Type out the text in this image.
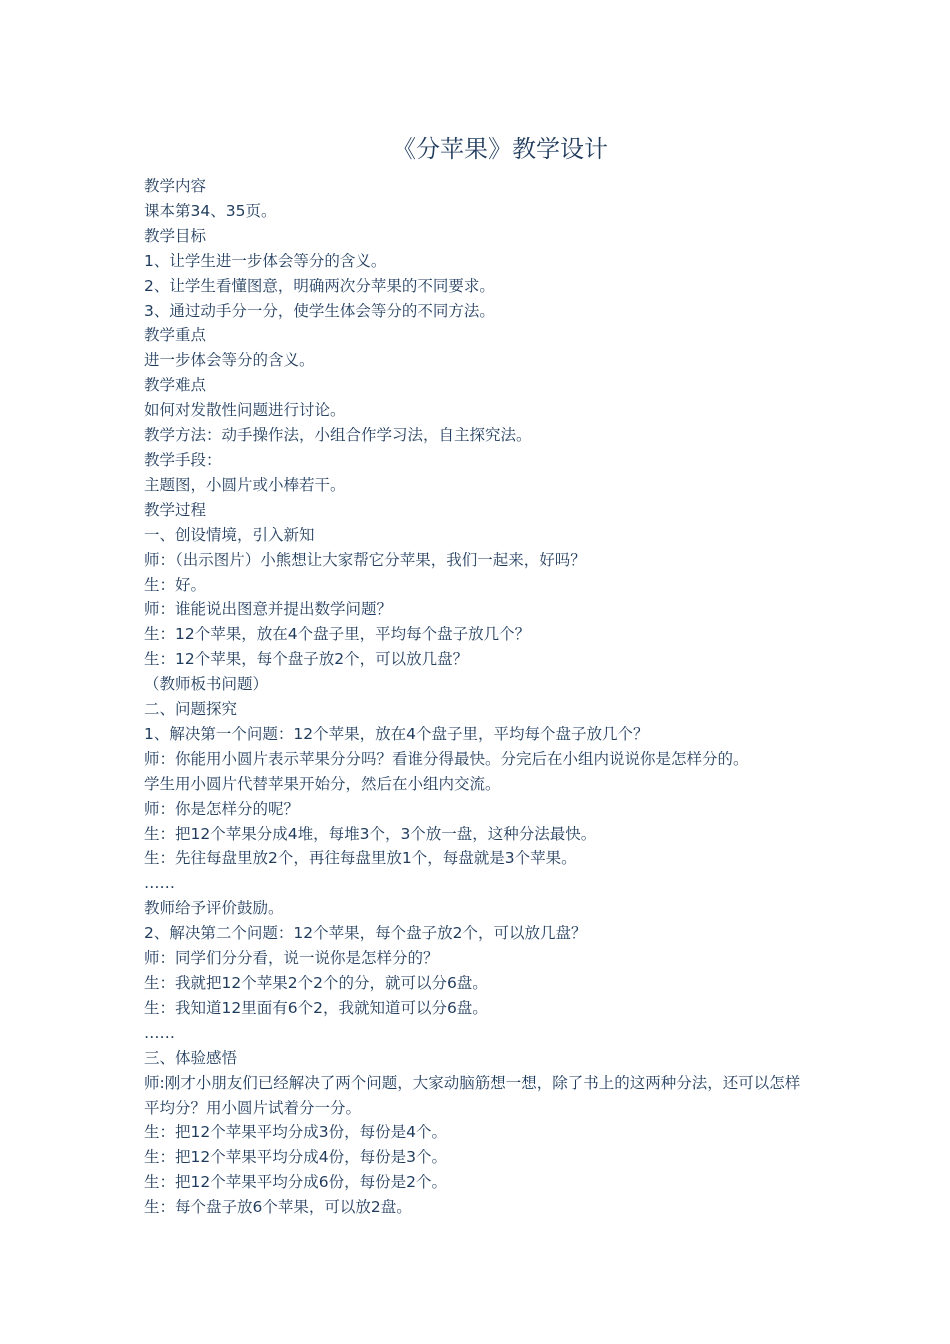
《分苹果》教学设计

教学内容

课本第34、35页。

教学目标

1、让学生进一步体会等分的含义。

2、让学生看懂图意，明确两次分苹果的不同要求。

3、通过动手分一分，使学生体会等分的不同方法。

教学重点

进一步体会等分的含义。

教学难点

如何对发散性问题进行讨论。

教学方法：动手操作法，小组合作学习法，自主探究法。

教学手段：

主题图，小圆片或小棒若干。

教学过程

一、创设情境，引入新知

师：（出示图片）小熊想让大家帮它分苹果，我们一起来，好吗？

生：好。

师：谁能说出图意并提出数学问题？

生：12个苹果，放在4个盘子里，平均每个盘子放几个？

生：12个苹果，每个盘子放2个，可以放几盘？

（教师板书问题）

二、问题探究

1、解决第一个问题：12个苹果，放在4个盘子里，平均每个盘子放几个？

师：你能用小圆片表示苹果分分吗？看谁分得最快。分完后在小组内说说你是怎样分的。

学生用小圆片代替苹果开始分，然后在小组内交流。

师：你是怎样分的呢？

生：把12个苹果分成4堆，每堆3个，3个放一盘，这种分法最快。

生：先往每盘里放2个，再往每盘里放1个，每盘就是3个苹果。

……

教师给予评价鼓励。

2、解决第二个问题：12个苹果，每个盘子放2个，可以放几盘？

师：同学们分分看，说一说你是怎样分的？

生：我就把12个苹果2个2个的分，就可以分6盘。

生：我知道12里面有6个2，我就知道可以分6盘。

……

三、体验感悟

师:刚才小朋友们已经解决了两个问题，大家动脑筋想一想，除了书上的这两种分法，还可以怎样平均分？用小圆片试着分一分。

生：把12个苹果平均分成3份，每份是4个。

生：把12个苹果平均分成4份，每份是3个。

生：把12个苹果平均分成6份，每份是2个。

生：每个盘子放6个苹果，可以放2盘。
